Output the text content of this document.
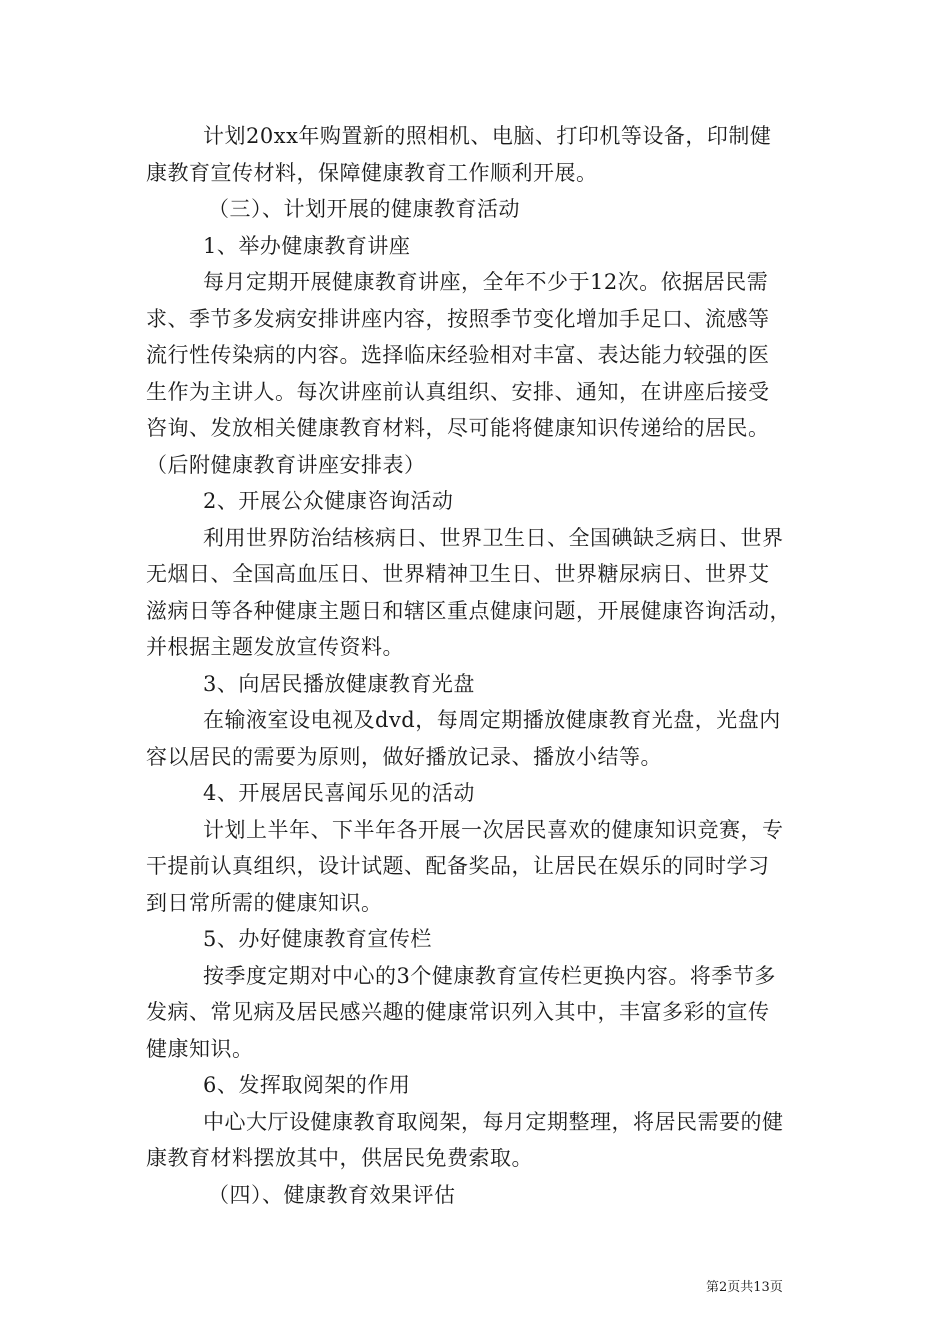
计划20xx年购置新的照相机、电脑、打印机等设备，印制健
康教育宣传材料，保障健康教育工作顺利开展。
（三）、计划开展的健康教育活动
1、举办健康教育讲座
每月定期开展健康教育讲座，全年不少于12次。依据居民需
求、季节多发病安排讲座内容，按照季节变化增加手足口、流感等
流行性传染病的内容。选择临床经验相对丰富、表达能力较强的医
生作为主讲人。每次讲座前认真组织、安排、通知，在讲座后接受
咨询、发放相关健康教育材料，尽可能将健康知识传递给的居民。
（后附健康教育讲座安排表）
2、开展公众健康咨询活动
利用世界防治结核病日、世界卫生日、全国碘缺乏病日、世界
无烟日、全国高血压日、世界精神卫生日、世界糖尿病日、世界艾
滋病日等各种健康主题日和辖区重点健康问题，开展健康咨询活动，
并根据主题发放宣传资料。
3、向居民播放健康教育光盘
在输液室设电视及dvd，每周定期播放健康教育光盘，光盘内
容以居民的需要为原则，做好播放记录、播放小结等。
4、开展居民喜闻乐见的活动
计划上半年、下半年各开展一次居民喜欢的健康知识竞赛，专
干提前认真组织，设计试题、配备奖品，让居民在娱乐的同时学习
到日常所需的健康知识。
5、办好健康教育宣传栏
按季度定期对中心的3个健康教育宣传栏更换内容。将季节多
发病、常见病及居民感兴趣的健康常识列入其中，丰富多彩的宣传
健康知识。
6、发挥取阅架的作用
中心大厅设健康教育取阅架，每月定期整理，将居民需要的健
康教育材料摆放其中，供居民免费索取。
（四）、健康教育效果评估
第2页共13页
